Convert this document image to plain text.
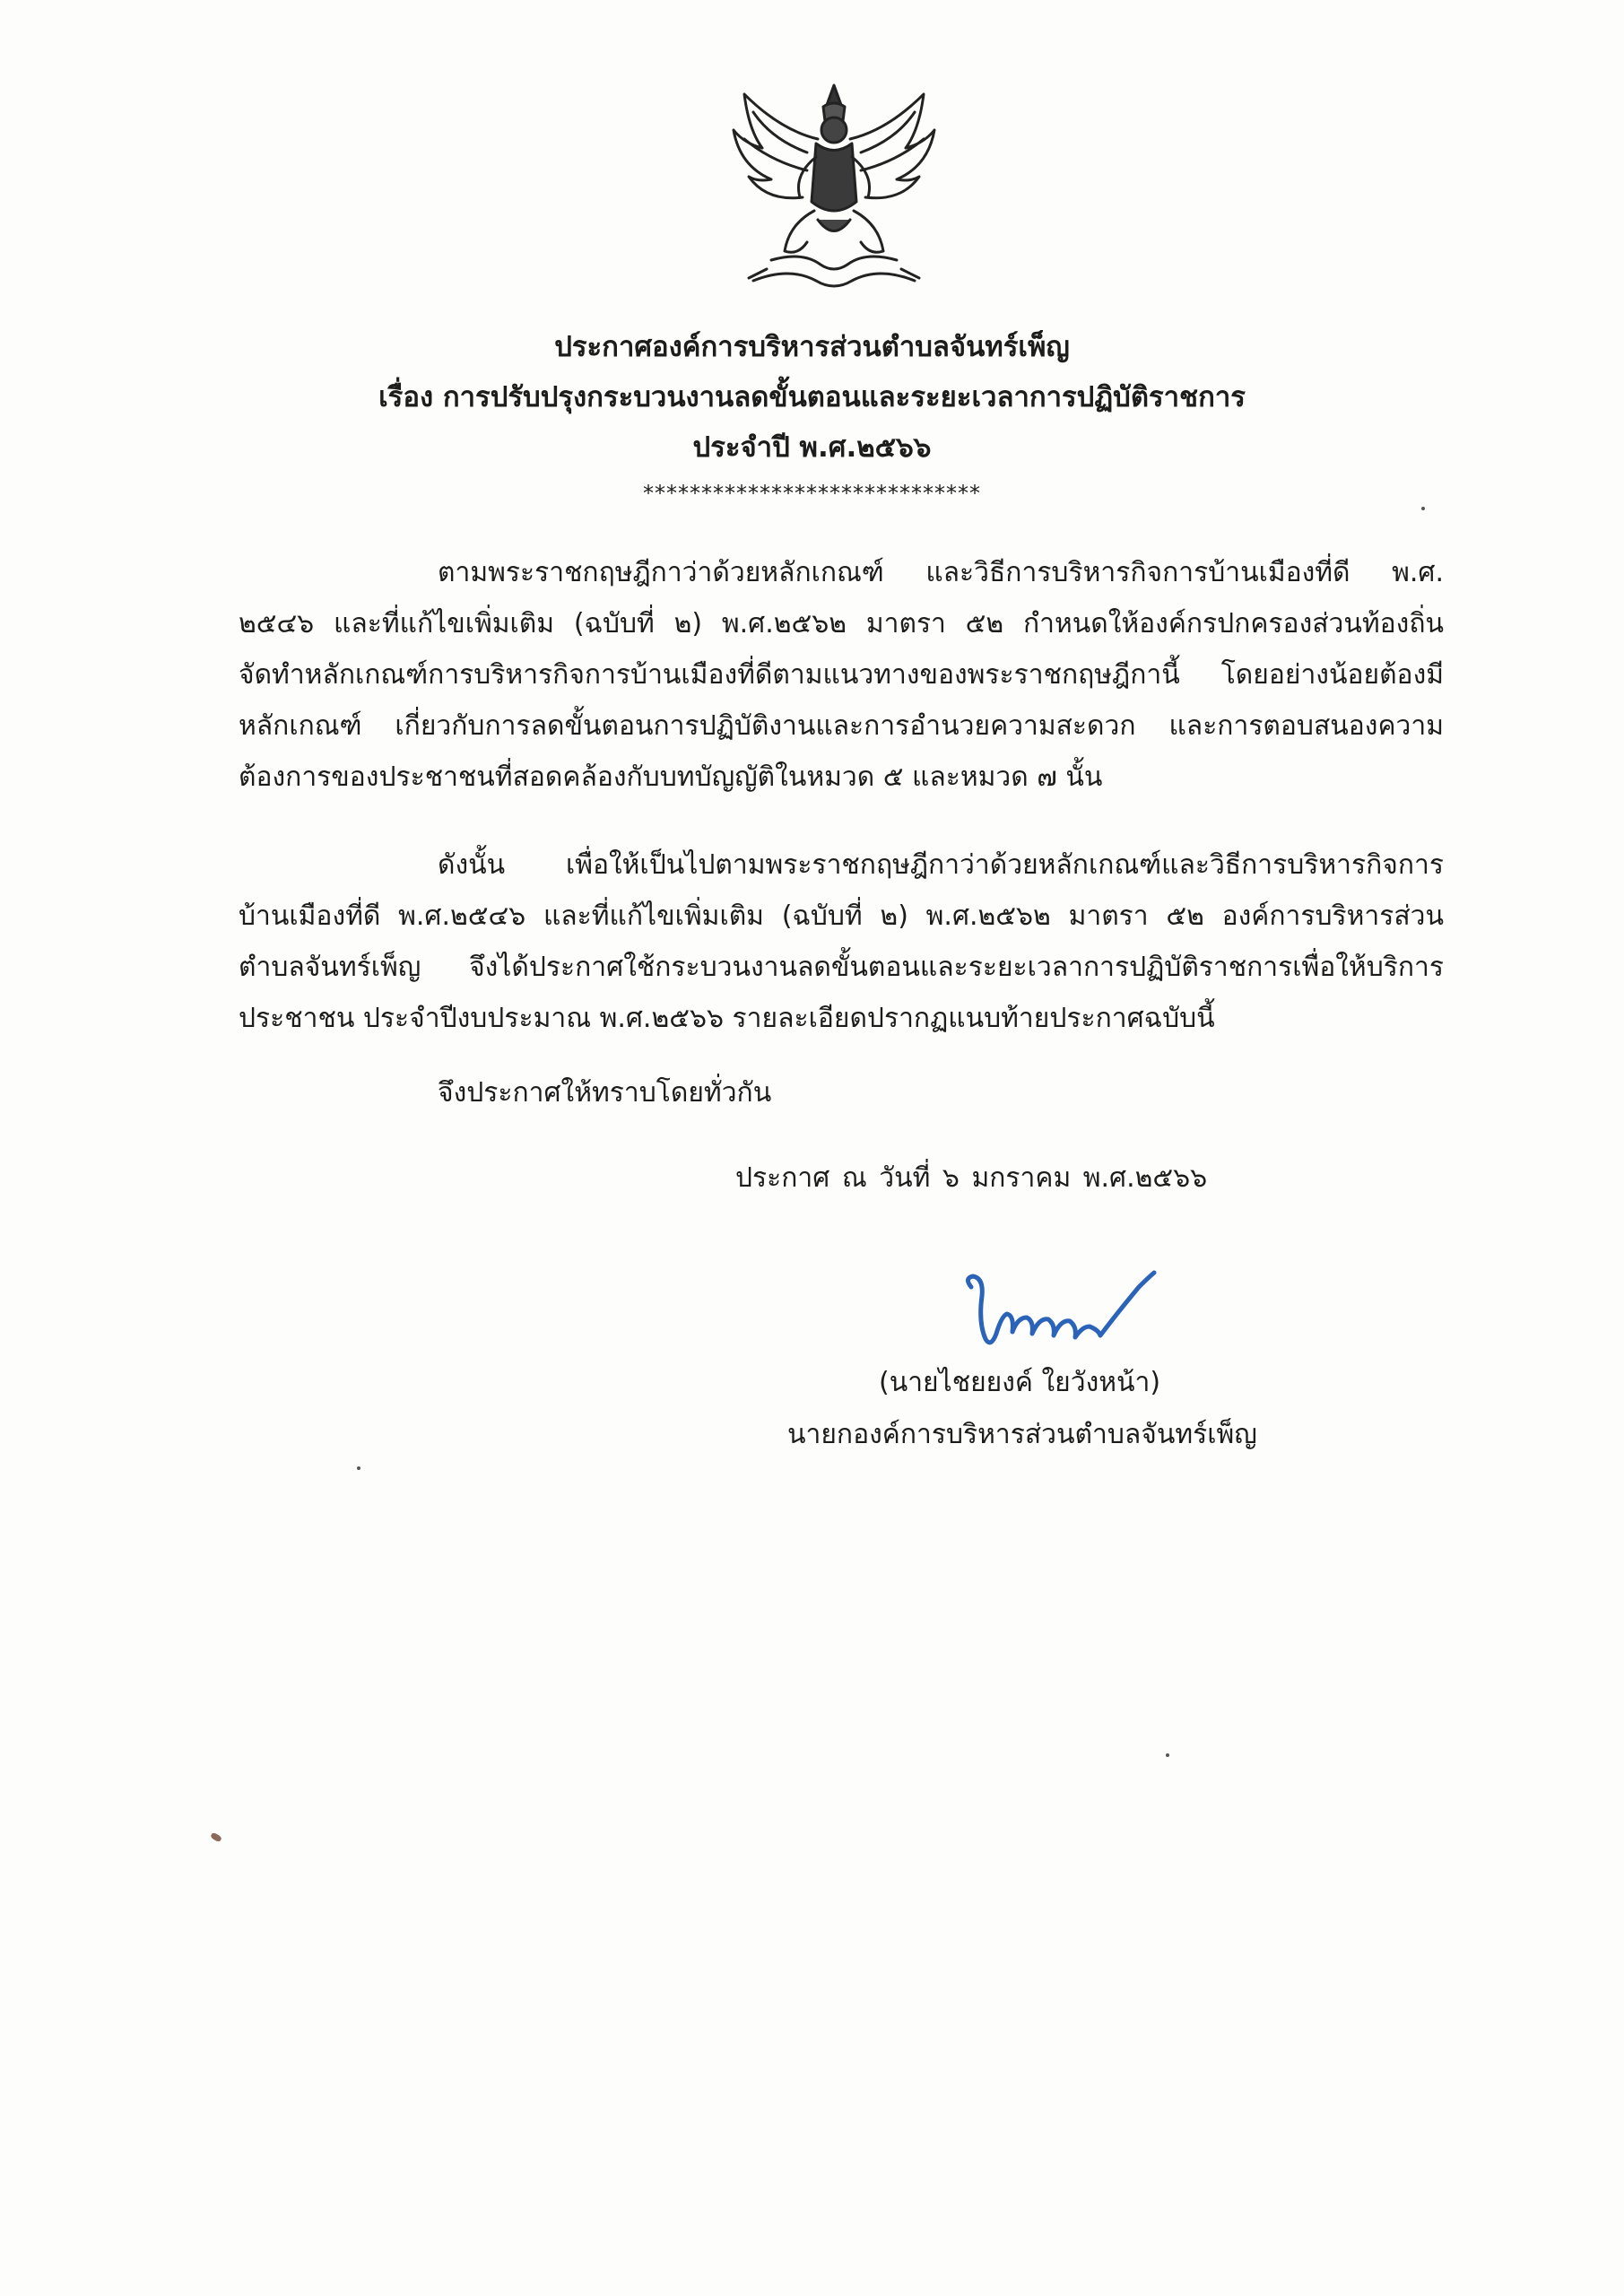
ประกาศองค์การบริหารส่วนตำบลจันทร์เพ็ญ

เรื่อง การปรับปรุงกระบวนงานลดขั้นตอนและระยะเวลาการปฏิบัติราชการ

ประจำปี พ.ศ.๒๕๖๖

*****************************

ตามพระราชกฤษฎีกาว่าด้วยหลักเกณฑ์ และวิธีการบริหารกิจการบ้านเมืองที่ดี พ.ศ.
๒๕๔๖ และที่แก้ไขเพิ่มเติม (ฉบับที่ ๒) พ.ศ.๒๕๖๒ มาตรา ๕๒ กำหนดให้องค์กรปกครองส่วนท้องถิ่น
จัดทำหลักเกณฑ์การบริหารกิจการบ้านเมืองที่ดีตามแนวทางของพระราชกฤษฎีกานี้ โดยอย่างน้อยต้องมี
หลักเกณฑ์ เกี่ยวกับการลดขั้นตอนการปฏิบัติงานและการอำนวยความสะดวก และการตอบสนองความ
ต้องการของประชาชนที่สอดคล้องกับบทบัญญัติในหมวด ๕ และหมวด ๗ นั้น
ดังนั้น เพื่อให้เป็นไปตามพระราชกฤษฎีกาว่าด้วยหลักเกณฑ์และวิธีการบริหารกิจการ
บ้านเมืองที่ดี พ.ศ.๒๕๔๖ และที่แก้ไขเพิ่มเติม (ฉบับที่ ๒) พ.ศ.๒๕๖๒ มาตรา ๕๒ องค์การบริหารส่วน
ตำบลจันทร์เพ็ญ จึงได้ประกาศใช้กระบวนงานลดขั้นตอนและระยะเวลาการปฏิบัติราชการเพื่อให้บริการ
ประชาชน ประจำปีงบประมาณ พ.ศ.๒๕๖๖ รายละเอียดปรากฏแนบท้ายประกาศฉบับนี้

จึงประกาศให้ทราบโดยทั่วกัน

ประกาศ ณ วันที่ ๖ มกราคม พ.ศ.๒๕๖๖

(นายไชยยงค์ ใยวังหน้า)

นายกองค์การบริหารส่วนตำบลจันทร์เพ็ญ
